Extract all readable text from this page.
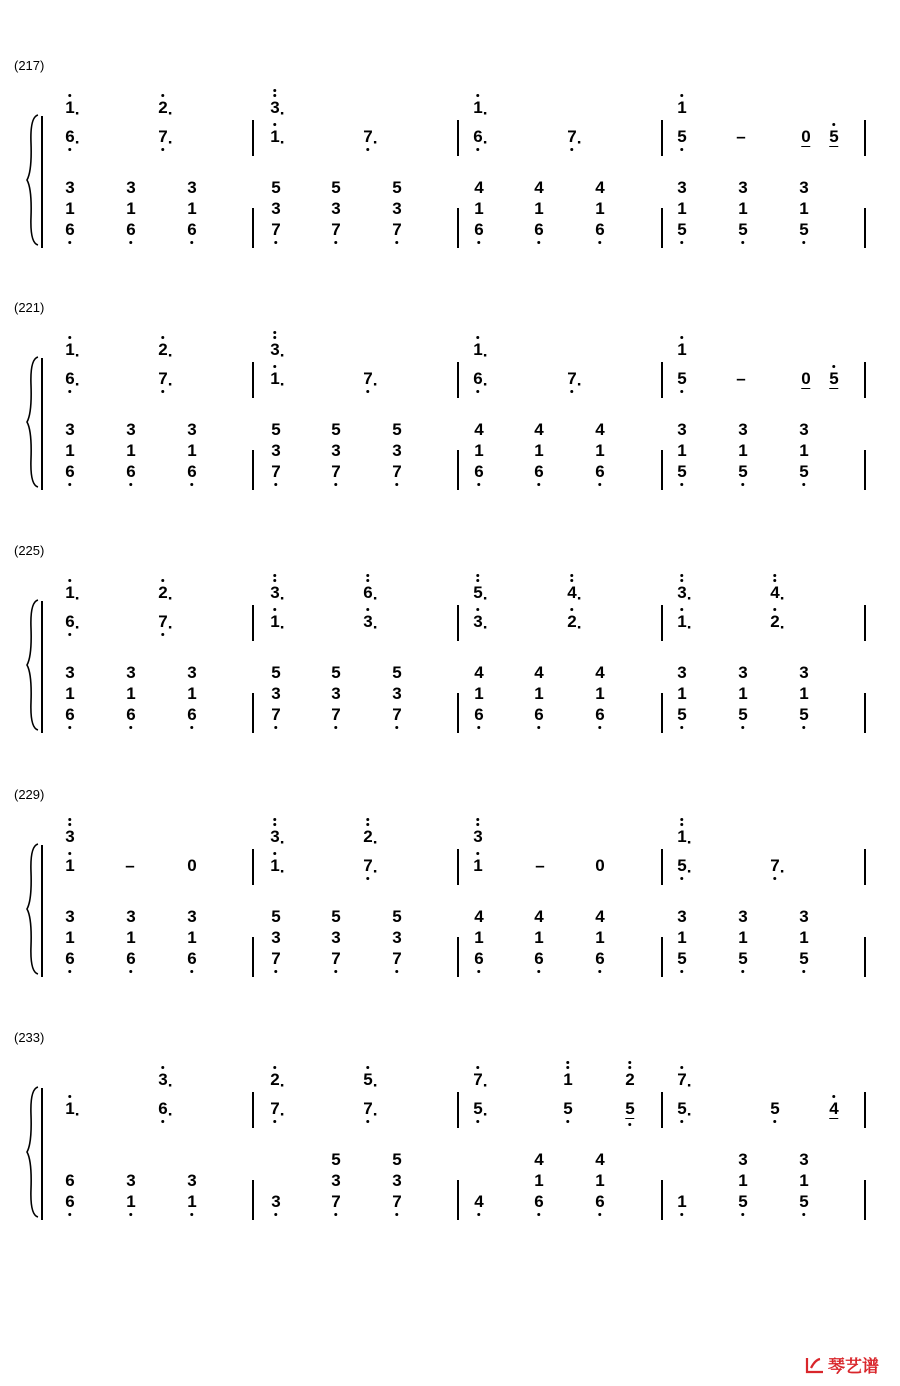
(217)
6 ·
1 ·
7 ·
2 ·
1 ·
3 ·
7 ·	6 ·
1 ·
7 ·	5
1
–	0 5
3
1
6
3
1
6
3
1
6
5
3
7
5
3
7
5
3
7
4
1
6
4
1
6
4
1
6
3
1
5
3
1
5
3
1
5
(221)
6 ·
1 ·
7 ·
2 ·
1 ·
3 ·
7 ·	6 ·
1 ·
7 ·	5
1
–	0 5
3
1
6
3
1
6
3
1
6
5
3
7
5
3
7
5
3
7
4
1
6
4
1
6
4
1
6
3
1
5
3
1
5
3
1
5
(225)
6 ·
1 ·
7 ·
2 ·
1 ·
3 ·
3 ·
6 ·
3 ·
5 ·
2 ·
4 ·
1 ·
3 ·
2 ·
4 ·
3
1
6
3
1
6
3
1
6
5
3
7
5
3
7
5
3
7
4
1
6
4
1
6
4
1
6
3
1
5
3
1
5
3
1
5
(229)
1
3
–	0	1 ·
3 ·
7 ·
2 ·
1
3
–	0	5 ·
1 ·
7 ·
3
1
6
3
1
6
3
1
6
5
3
7
5
3
7
5
3
7
4
1
6
4
1
6
4
1
6
3
1
5
3
1
5
3
1
5
(233)
1 ·	6 ·
3 ·
7 ·
2 ·
7 ·
5 ·
5 ·
7 ·
5
1
5
2
5 ·
7 ·
5	4
6
6
3
1
3
1	3
5
3
7
5
3
7	4
4
1
6
4
1
6	1
3
1
5
3
1
5
琴艺谱
